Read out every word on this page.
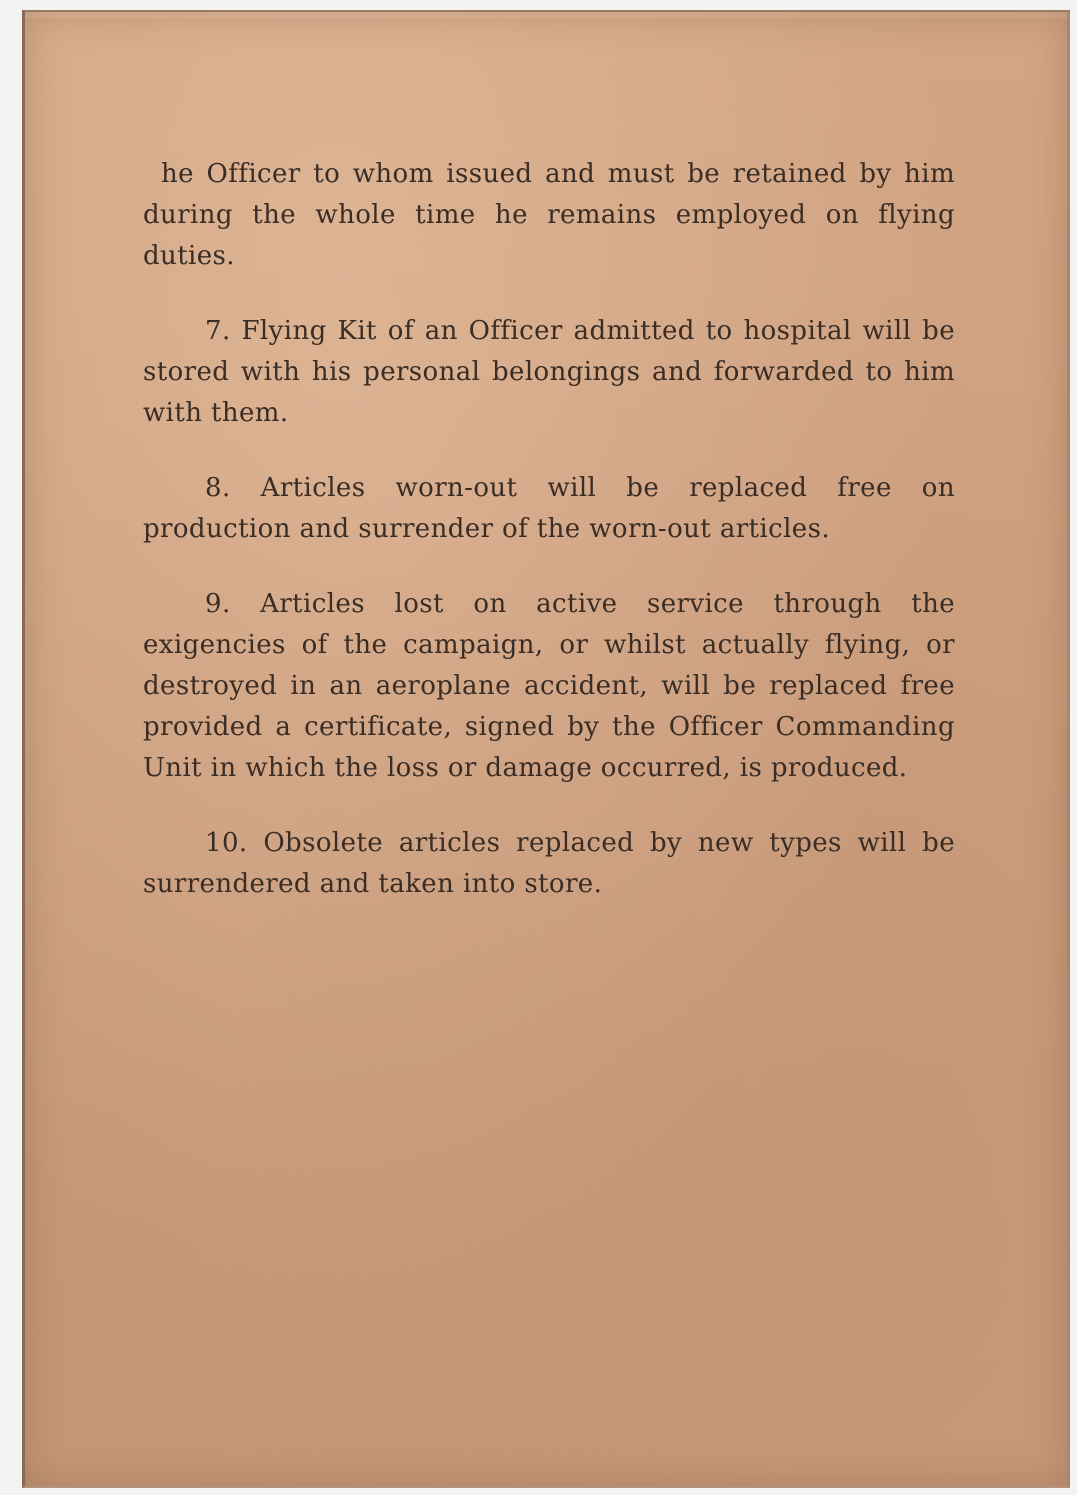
he Officer to whom issued and must be retained by him during the whole time he remains employed on flying duties.

7. Flying Kit of an Officer admitted to hospital will be stored with his personal belongings and forwarded to him with them.

8. Articles worn-out will be replaced free on production and surrender of the worn-out articles.

9. Articles lost on active service through the exigencies of the campaign, or whilst actually flying, or destroyed in an aeroplane accident, will be replaced free provided a certificate, signed by the Officer Commanding Unit in which the loss or damage occurred, is produced.

10. Obsolete articles replaced by new types will be surrendered and taken into store.
